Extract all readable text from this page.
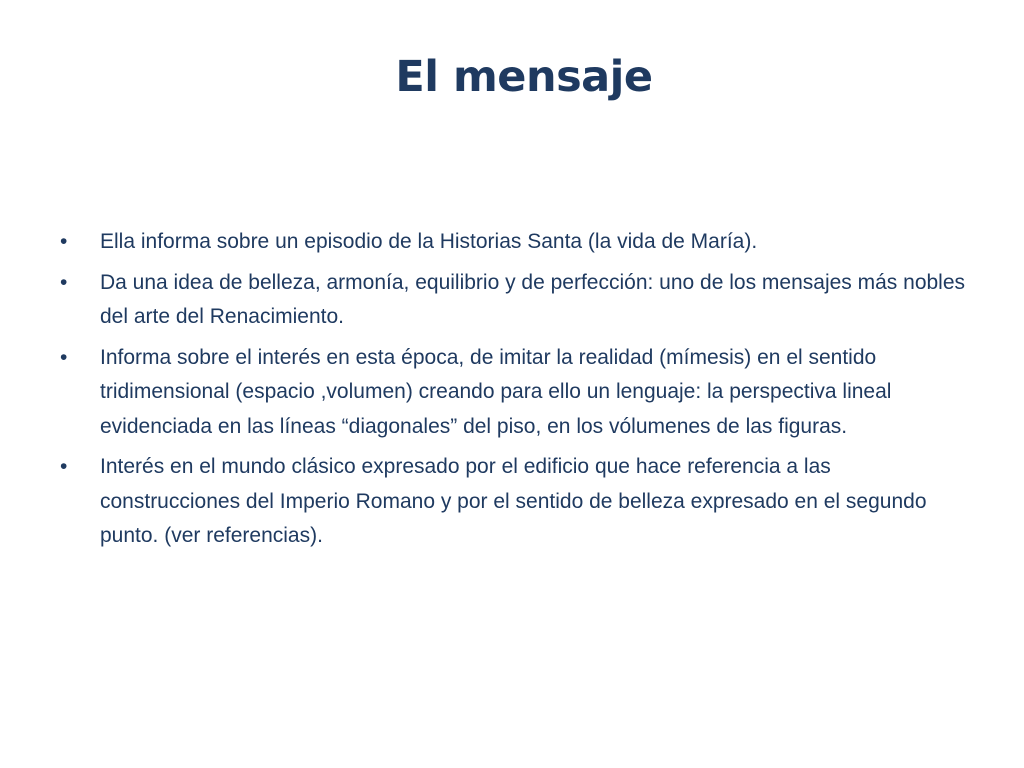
El mensaje
•	Ella informa sobre un episodio de la Historias Santa (la vida de María).
•	Da una idea de belleza, armonía, equilibrio y de perfección: uno de los mensajes más nobles del arte del Renacimiento.
•	Informa sobre el interés en esta época, de imitar la realidad (mímesis) en el sentido tridimensional (espacio ,volumen) creando para ello un lenguaje: la perspectiva lineal evidenciada en las líneas “diagonales” del piso, en los vólumenes de las figuras.
•	Interés en el mundo clásico expresado por el edificio que hace referencia a las construcciones del Imperio Romano y por el sentido de belleza expresado en el segundo punto. (ver referencias).
